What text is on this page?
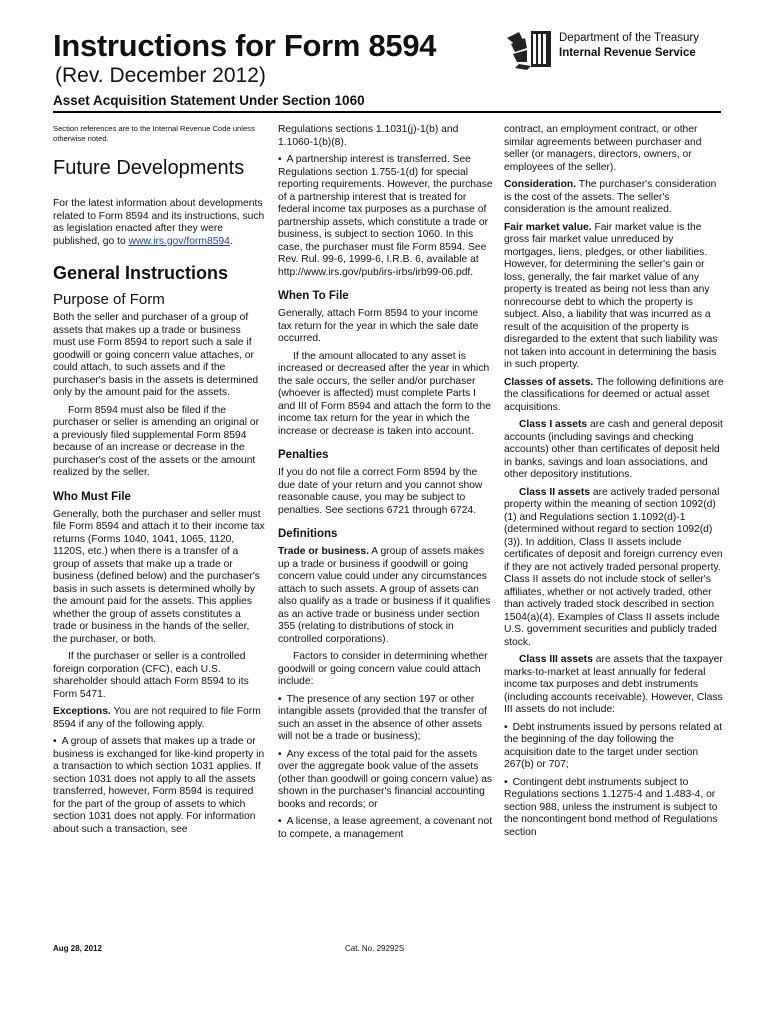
Instructions for Form 8594
(Rev. December 2012)
Asset Acquisition Statement Under Section 1060
Department of the Treasury
Internal Revenue Service

Section references are to the Internal Revenue Code unless otherwise noted.

Future Developments

For the latest information about developments related to Form 8594 and its instructions, such as legislation enacted after they were published, go to www.irs.gov/form8594.

General Instructions
Purpose of Form

Both the seller and purchaser of a group of assets that makes up a trade or business must use Form 8594 to report such a sale if goodwill or going concern value attaches, or could attach, to such assets and if the purchaser's basis in the assets is determined only by the amount paid for the assets.

Form 8594 must also be filed if the purchaser or seller is amending an original or a previously filed supplemental Form 8594 because of an increase or decrease in the purchaser's cost of the assets or the amount realized by the seller.

Who Must File

Generally, both the purchaser and seller must file Form 8594 and attach it to their income tax returns (Forms 1040, 1041, 1065, 1120, 1120S, etc.) when there is a transfer of a group of assets that make up a trade or business (defined below) and the purchaser's basis in such assets is determined wholly by the amount paid for the assets. This applies whether the group of assets constitutes a trade or business in the hands of the seller, the purchaser, or both.

If the purchaser or seller is a controlled foreign corporation (CFC), each U.S. shareholder should attach Form 8594 to its Form 5471.

Exceptions. You are not required to file Form 8594 if any of the following apply.

• A group of assets that makes up a trade or business is exchanged for like-kind property in a transaction to which section 1031 applies. If section 1031 does not apply to all the assets transferred, however, Form 8594 is required for the part of the group of assets to which section 1031 does not apply. For information about such a transaction, see

Regulations sections 1.1031(j)-1(b) and 1.1060-1(b)(8).

• A partnership interest is transferred. See Regulations section 1.755-1(d) for special reporting requirements. However, the purchase of a partnership interest that is treated for federal income tax purposes as a purchase of partnership assets, which constitute a trade or business, is subject to section 1060. In this case, the purchaser must file Form 8594. See Rev. Rul. 99-6, 1999-6, I.R.B. 6, available at http://www.irs.gov/pub/irs-irbs/irb99-06.pdf.

When To File

Generally, attach Form 8594 to your income tax return for the year in which the sale date occurred.

If the amount allocated to any asset is increased or decreased after the year in which the sale occurs, the seller and/or purchaser (whoever is affected) must complete Parts I and III of Form 8594 and attach the form to the income tax return for the year in which the increase or decrease is taken into account.

Penalties

If you do not file a correct Form 8594 by the due date of your return and you cannot show reasonable cause, you may be subject to penalties. See sections 6721 through 6724.

Definitions

Trade or business. A group of assets makes up a trade or business if goodwill or going concern value could under any circumstances attach to such assets. A group of assets can also qualify as a trade or business if it qualifies as an active trade or business under section 355 (relating to distributions of stock in controlled corporations).

Factors to consider in determining whether goodwill or going concern value could attach include:

• The presence of any section 197 or other intangible assets (provided that the transfer of such an asset in the absence of other assets will not be a trade or business);

• Any excess of the total paid for the assets over the aggregate book value of the assets (other than goodwill or going concern value) as shown in the purchaser's financial accounting books and records; or

• A license, a lease agreement, a covenant not to compete, a management

contract, an employment contract, or other similar agreements between purchaser and seller (or managers, directors, owners, or employees of the seller).

Consideration. The purchaser's consideration is the cost of the assets. The seller's consideration is the amount realized.

Fair market value. Fair market value is the gross fair market value unreduced by mortgages, liens, pledges, or other liabilities. However, for determining the seller's gain or loss, generally, the fair market value of any property is treated as being not less than any nonrecourse debt to which the property is subject. Also, a liability that was incurred as a result of the acquisition of the property is disregarded to the extent that such liability was not taken into account in determining the basis in such property.

Classes of assets. The following definitions are the classifications for deemed or actual asset acquisitions.

Class I assets are cash and general deposit accounts (including savings and checking accounts) other than certificates of deposit held in banks, savings and loan associations, and other depository institutions.

Class II assets are actively traded personal property within the meaning of section 1092(d)(1) and Regulations section 1.1092(d)-1 (determined without regard to section 1092(d)(3)). In addition, Class II assets include certificates of deposit and foreign currency even if they are not actively traded personal property. Class II assets do not include stock of seller's affiliates, whether or not actively traded, other than actively traded stock described in section 1504(a)(4). Examples of Class II assets include U.S. government securities and publicly traded stock.

Class III assets are assets that the taxpayer marks-to-market at least annually for federal income tax purposes and debt instruments (including accounts receivable). However, Class III assets do not include:

• Debt instruments issued by persons related at the beginning of the day following the acquisition date to the target under section 267(b) or 707;

• Contingent debt instruments subject to Regulations sections 1.1275-4 and 1.483-4, or section 988, unless the instrument is subject to the noncontingent bond method of Regulations section

Aug 28, 2012	Cat. No. 29292S
